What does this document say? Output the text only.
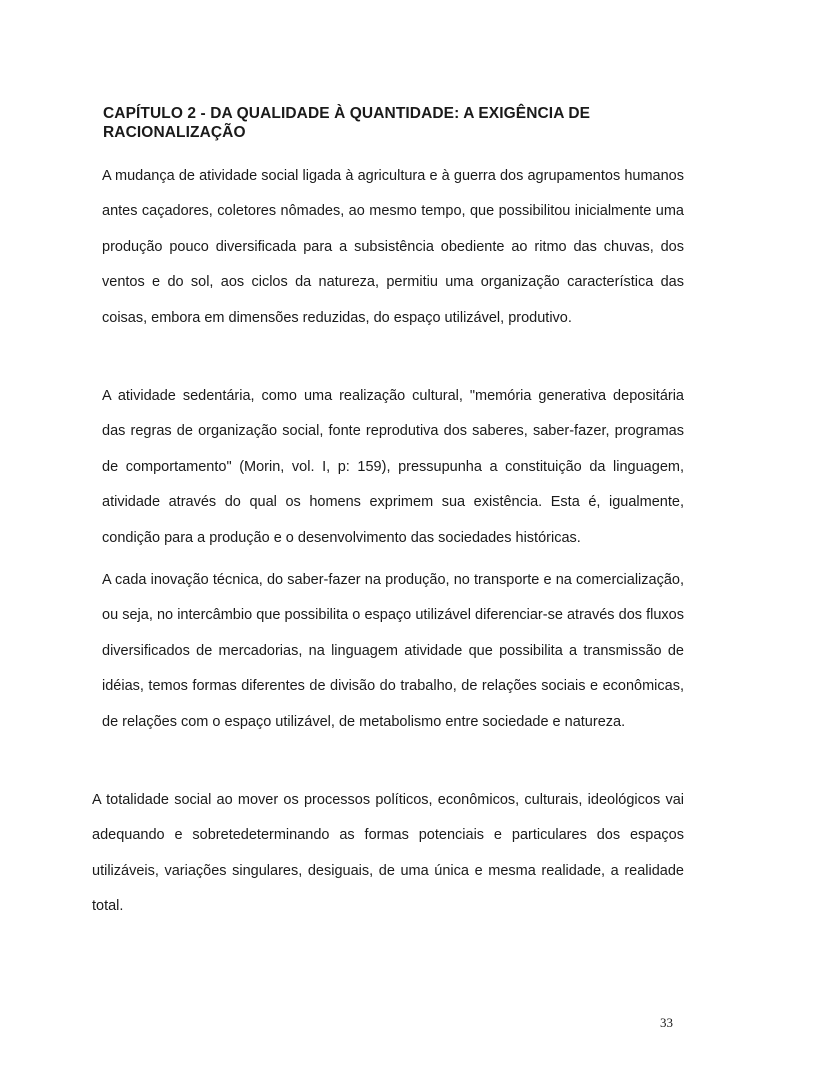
CAPÍTULO 2 - DA QUALIDADE À QUANTIDADE: A EXIGÊNCIA DE
RACIONALIZAÇÃO

A mudança de atividade social ligada à agricultura e à guerra dos agrupamentos humanos antes caçadores, coletores nômades, ao mesmo tempo, que possibilitou inicialmente uma produção pouco diversificada para a subsistência obediente ao ritmo das chuvas, dos ventos e do sol, aos ciclos da natureza, permitiu uma organização característica das coisas, embora em dimensões reduzidas, do espaço utilizável, produtivo.

A atividade sedentária, como uma realização cultural, "memória generativa depositária das regras de organização social, fonte reprodutiva dos saberes, saber-fazer, programas de comportamento" (Morin, vol. I, p: 159), pressupunha a constituição da linguagem, atividade através do qual os homens exprimem sua existência. Esta é, igualmente, condição para a produção e o desenvolvimento das sociedades históricas.

A cada inovação técnica, do saber-fazer na produção, no transporte e na comercialização, ou seja, no intercâmbio que possibilita o espaço utilizável diferenciar-se através dos fluxos diversificados de mercadorias, na linguagem atividade que possibilita a transmissão de idéias, temos formas diferentes de divisão do trabalho, de relações sociais e econômicas, de relações com o espaço utilizável, de metabolismo entre sociedade e natureza.

A totalidade social ao mover os processos políticos, econômicos, culturais, ideológicos vai adequando e sobretedeterminando as formas potenciais e particulares dos espaços utilizáveis, variações singulares, desiguais, de uma única e mesma realidade, a realidade total.

33
